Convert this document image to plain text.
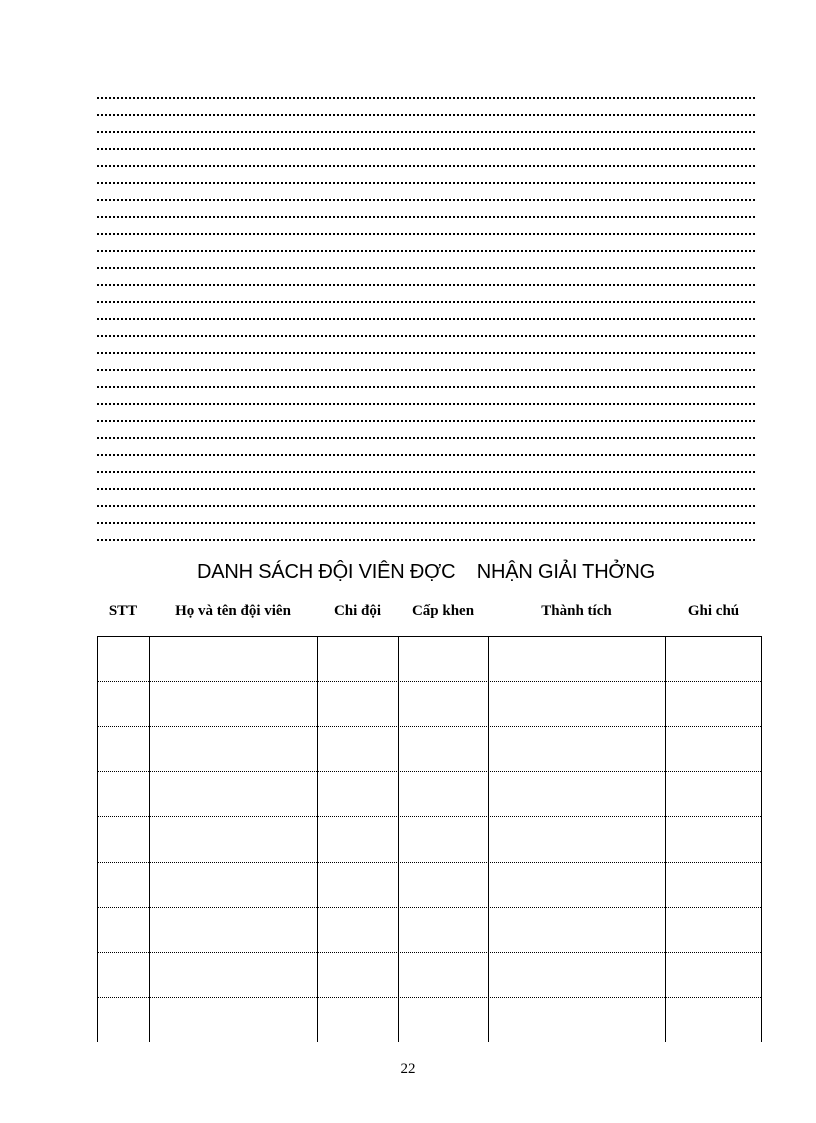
DANH SÁCH ĐỘI VIÊN ĐỢC    NHẬN GIẢI THỞNG
STT	Họ và tên đội viên	Chi đội	Cấp khen	Thành tích	Ghi chú
22
